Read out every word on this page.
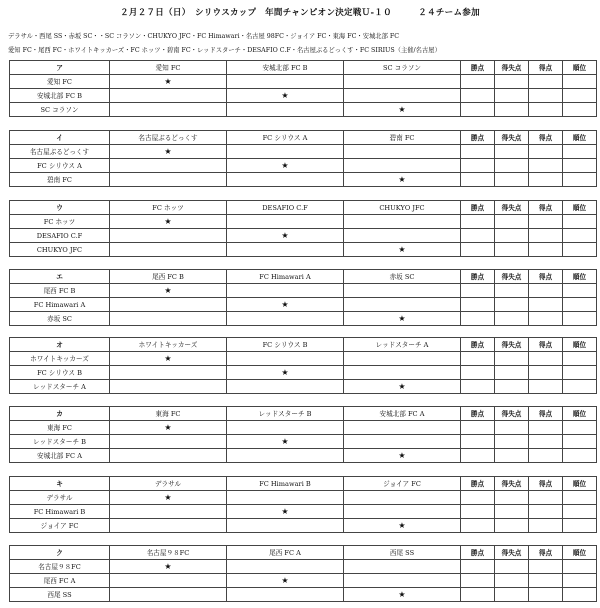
２月２７日（日）　シリウスカップ　年間チャンピオン決定戦Ｕ-１０　　　２４チーム参加
デラサル・西尾 SS・赤坂 SC・・SC コラソン・CHUKYO JFC・FC Himawari・名古屋 98FC・ジョイア FC・東海 FC・安城北部 FC
愛知 FC・尾西 FC・ホワイトキッカーズ・FC ホッツ・碧南 FC・レッドスターチ・DESAFIO C.F・名古屋ぶるどっくす・FC SIRIUS（主催/名古屋）
ア	愛知 FC	安城北部 FC B	SC コラソン	勝点	得失点	得点	順位
愛知 FC	★						
安城北部 FC B		★					
SC コラソン			★				
イ	名古屋ぶるどっくす	FC シリウス A	碧南 FC	勝点	得失点	得点	順位
名古屋ぶるどっくす	★						
FC シリウス A		★					
碧南 FC			★				
ウ	FC ホッツ	DESAFIO C.F	CHUKYO JFC	勝点	得失点	得点	順位
FC ホッツ	★						
DESAFIO C.F		★					
CHUKYO JFC			★				
エ	尾西 FC B	FC Himawari A	赤坂 SC	勝点	得失点	得点	順位
尾西 FC B	★						
FC Himawari A		★					
赤坂 SC			★				
オ	ホワイトキッカーズ	FC シリウス B	レッドスターチ A	勝点	得失点	得点	順位
ホワイトキッカーズ	★						
FC シリウス B		★					
レッドスターチ A			★				
カ	東海 FC	レッドスターチ B	安城北部 FC A	勝点	得失点	得点	順位
東海 FC	★						
レッドスターチ B		★					
安城北部 FC A			★				
キ	デラサル	FC Himawari B	ジョイア FC	勝点	得失点	得点	順位
デラサル	★						
FC Himawari B		★					
ジョイア FC			★				
ク	名古屋９８FC	尾西 FC A	西尾 SS	勝点	得失点	得点	順位
名古屋９８FC	★						
尾西 FC A		★					
西尾 SS			★				
